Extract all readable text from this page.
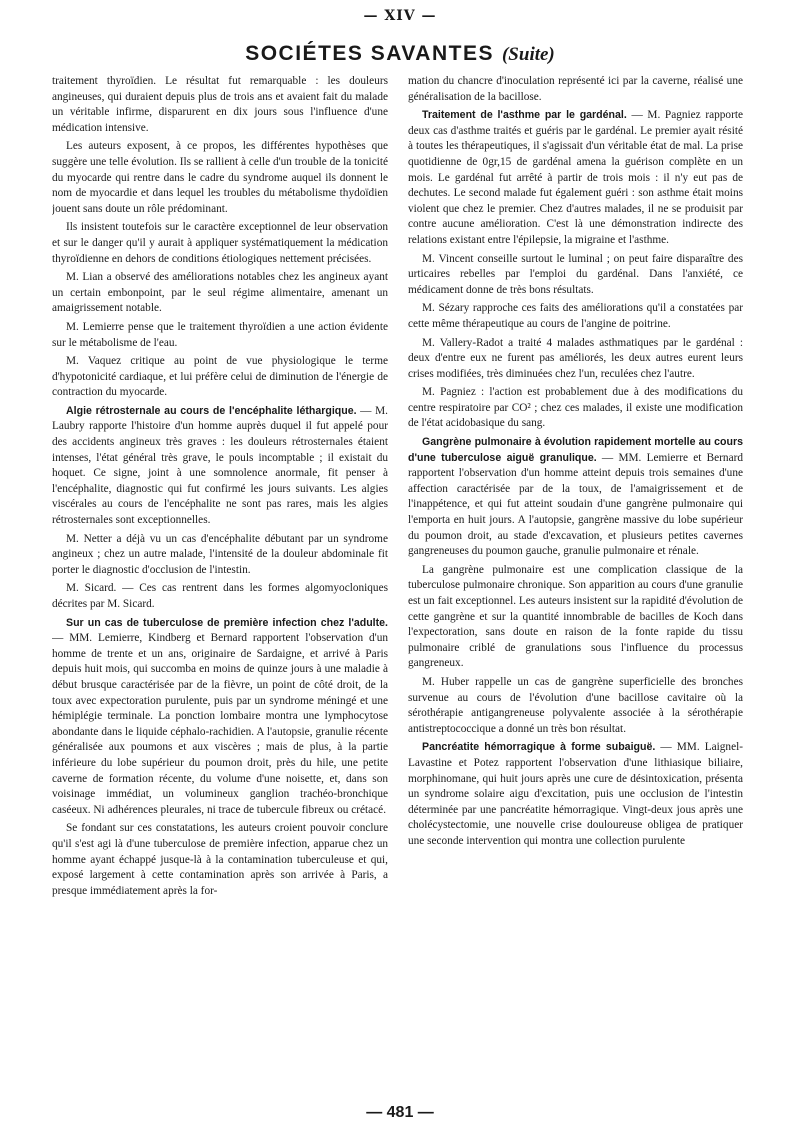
— XIV —
SOCIÉTES SAVANTES (Suite)

traitement thyroïdien. Le résultat fut remarquable : les douleurs angineuses, qui duraient depuis plus de trois ans et avaient fait du malade un véritable infirme, disparurent en dix jours sous l'influence d'une médication intensive.

Les auteurs exposent, à ce propos, les différentes hypothèses que suggère une telle évolution. Ils se rallient à celle d'un trouble de la tonicité du myocarde qui rentre dans le cadre du syndrome auquel ils donnent le nom de myocardie et dans lequel les troubles du métabolisme thydoïdien jouent sans doute un rôle prédominant.

Ils insistent toutefois sur le caractère exceptionnel de leur observation et sur le danger qu'il y aurait à appliquer systématiquement la médication thyroïdienne en dehors de conditions étiologiques nettement précisées.

M. Lian a observé des améliorations notables chez les angineux ayant un certain embonpoint, par le seul régime alimentaire, amenant un amaigrissement notable.

M. Lemierre pense que le traitement thyroïdien a une action évidente sur le métabolisme de l'eau.

M. Vaquez critique au point de vue physiologique le terme d'hypotonicité cardiaque, et lui préfère celui de diminution de l'énergie de contraction du myocarde.

Algie rétrosternale au cours de l'encéphalite léthargique. — M. Laubry rapporte l'histoire d'un homme auprès duquel il fut appelé pour des accidents angineux très graves : les douleurs rétrosternales étaient intenses, l'état général très grave, le pouls incomptable ; il existait du hoquet. Ce signe, joint à une somnolence anormale, fit penser à l'encéphalite, diagnostic qui fut confirmé les jours suivants. Les algies viscérales au cours de l'encéphalite ne sont pas rares, mais les algies rétrosternales sont exceptionnelles.

M. Netter a déjà vu un cas d'encéphalite débutant par un syndrome angineux ; chez un autre malade, l'intensité de la douleur abdominale fit porter le diagnostic d'occlusion de l'intestin.

M. Sicard. — Ces cas rentrent dans les formes algomyocloniques décrites par M. Sicard.

Sur un cas de tuberculose de première infection chez l'adulte. — MM. Lemierre, Kindberg et Bernard rapportent l'observation d'un homme de trente et un ans, originaire de Sardaigne, et arrivé à Paris depuis huit mois, qui succomba en moins de quinze jours à une maladie à début brusque caractérisée par de la fièvre, un point de côté droit, de la toux avec expectoration purulente, puis par un syndrome méningé et une hémiplégie terminale. La ponction lombaire montra une lymphocytose abondante dans le liquide céphalo-rachidien. A l'autopsie, granulie récente généralisée aux poumons et aux viscères ; mais de plus, à la partie inférieure du lobe supérieur du poumon droit, près du hile, une petite caverne de formation récente, du volume d'une noisette, et, dans son voisinage immédiat, un volumineux ganglion trachéo-bronchique caséeux. Ni adhérences pleurales, ni trace de tubercule fibreux ou crétacé.

Se fondant sur ces constatations, les auteurs croient pouvoir conclure qu'il s'est agi là d'une tuberculose de première infection, apparue chez un homme ayant échappé jusque-là à la contamination tuberculeuse et qui, exposé largement à cette contamination après son arrivée à Paris, a presque immédiatement après la for-

mation du chancre d'inoculation représenté ici par la caverne, réalisé une généralisation de la bacillose.

Traitement de l'asthme par le gardénal. — M. Pagniez rapporte deux cas d'asthme traités et guéris par le gardénal. Le premier ayait résité à toutes les thérapeutiques, il s'agissait d'un véritable état de mal. La prise quotidienne de 0gr,15 de gardénal amena la guérison complète en un mois. Le gardénal fut arrêté à partir de trois mois : il n'y eut pas de dechutes. Le second malade fut également guéri : son asthme était moins violent que chez le premier. Chez d'autres malades, il ne se produisit par contre aucune amélioration. C'est là une démonstration indirecte des relations existant entre l'épilepsie, la migraine et l'asthme.

M. Vincent conseille surtout le luminal ; on peut faire disparaître des urticaires rebelles par l'emploi du gardénal. Dans l'anxiété, ce médicament donne de très bons résultats.

M. Sézary rapproche ces faits des améliorations qu'il a constatées par cette même thérapeutique au cours de l'angine de poitrine.

M. Vallery-Radot a traité 4 malades asthmatiques par le gardénal : deux d'entre eux ne furent pas améliorés, les deux autres eurent leurs crises modifiées, très diminuées chez l'un, reculées chez l'autre.

M. Pagniez : l'action est probablement due à des modifications du centre respiratoire par CO² ; chez ces malades, il existe une modification de l'état acidobasique du sang.

Gangrène pulmonaire à évolution rapidement mortelle au cours d'une tuberculose aiguë granulique. — MM. Lemierre et Bernard rapportent l'observation d'un homme atteint depuis trois semaines d'une affection caractérisée par de la toux, de l'amaigrissement et de l'inappétence, et qui fut atteint soudain d'une gangrène pulmonaire qui l'emporta en huit jours. A l'autopsie, gangrène massive du lobe supérieur du poumon droit, au stade d'excavation, et plusieurs petites cavernes gangreneuses du poumon gauche, granulie pulmonaire et rénale.

La gangrène pulmonaire est une complication classique de la tuberculose pulmonaire chronique. Son apparition au cours d'une granulie est un fait exceptionnel. Les auteurs insistent sur la rapidité d'évolution de cette gangrène et sur la quantité innombrable de bacilles de Koch dans l'expectoration, sans doute en raison de la fonte rapide du tissu pulmonaire criblé de granulations sous l'influence du processus gangreneux.

M. Huber rappelle un cas de gangrène superficielle des bronches survenue au cours de l'évolution d'une bacillose cavitaire où la sérothérapie antigangreneuse polyvalente associée à la sérothérapie antistreptococcique a donné un très bon résultat.

Pancréatite hémorragique à forme subaiguë. — MM. Laignel-Lavastine et Potez rapportent l'observation d'une lithiasique biliaire, morphinomane, qui huit jours après une cure de désintoxication, présenta un syndrome solaire aigu d'excitation, puis une occlusion de l'intestin déterminée par une pancréatite hémorragique. Vingt-deux jous après une cholécystectomie, une nouvelle crise douloureuse obligea de pratiquer une seconde intervention qui montra une collection purulente

— 481 —
